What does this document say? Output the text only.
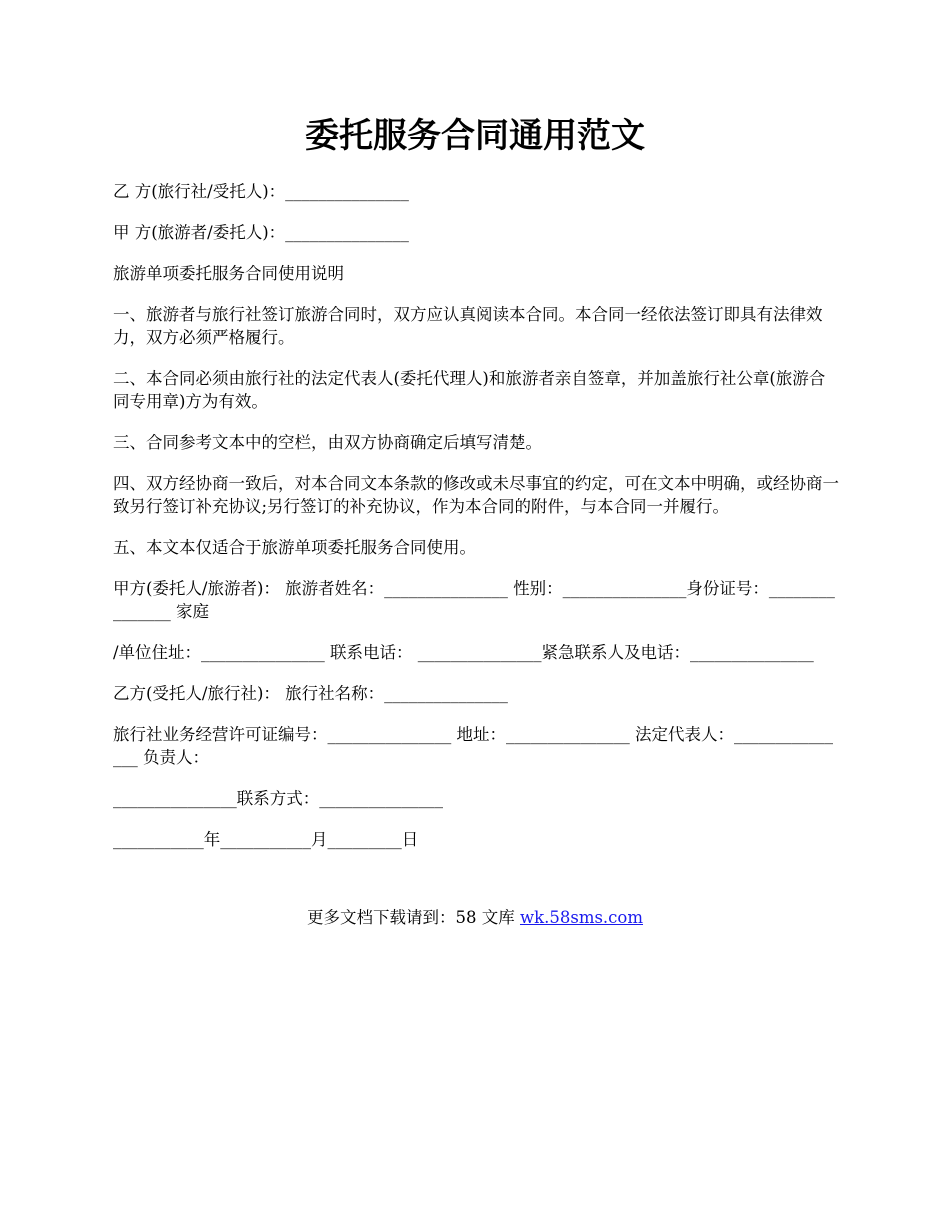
委托服务合同通用范文

乙 方(旅行社/受托人)：_______________

甲 方(旅游者/委托人)：_______________

旅游单项委托服务合同使用说明

一、旅游者与旅行社签订旅游合同时，双方应认真阅读本合同。本合同一经依法签订即具有法律效力，双方必须严格履行。

二、本合同必须由旅行社的法定代表人(委托代理人)和旅游者亲自签章，并加盖旅行社公章(旅游合同专用章)方为有效。

三、合同参考文本中的空栏，由双方协商确定后填写清楚。

四、双方经协商一致后，对本合同文本条款的修改或未尽事宜的约定，可在文本中明确，或经协商一致另行签订补充协议;另行签订的补充协议，作为本合同的附件，与本合同一并履行。

五、本文本仅适合于旅游单项委托服务合同使用。

甲方(委托人/旅游者)： 旅游者姓名：_______________ 性别：_______________身份证号：_______________ 家庭

/单位住址：_______________ 联系电话： _______________紧急联系人及电话：_______________

乙方(受托人/旅行社)： 旅行社名称：_______________

旅行社业务经营许可证编号：_______________ 地址：_______________ 法定代表人：_______________ 负责人：

_______________联系方式：_______________

___________年___________月_________日

更多文档下载请到：58 文库 wk.58sms.com
